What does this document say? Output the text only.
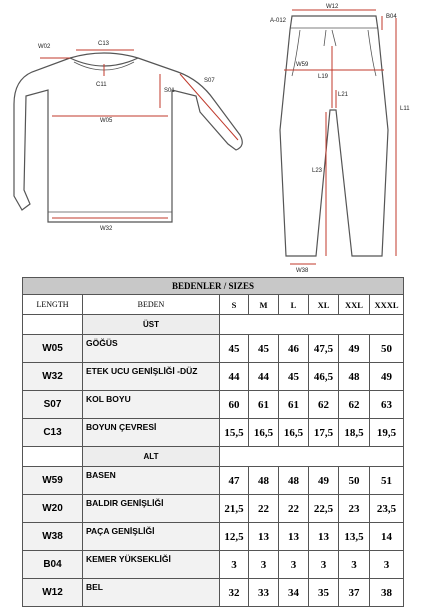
W02	C13
C11
S01
S07
W05
W32
W12
B04
A-012
W59
L19
L21
L11
L23
W38
BEDENLER / SIZES							
LENGTH	BEDEN	S	M	L	XL	XXL	XXXL
	ÜST						
W05	GÖĞÜS	45	45	46	47,5	49	50
W32	ETEK UCU GENİŞLİĞİ -DÜZ	44	44	45	46,5	48	49
S07	KOL BOYU	60	61	61	62	62	63
C13	BOYUN ÇEVRESİ	15,5	16,5	16,5	17,5	18,5	19,5
	ALT						
W59	BASEN	47	48	48	49	50	51
W20	BALDIR GENİŞLİĞİ	21,5	22	22	22,5	23	23,5
W38	PAÇA GENİŞLİĞİ	12,5	13	13	13	13,5	14
B04	KEMER YÜKSEKLİĞİ	3	3	3	3	3	3
W12	BEL	32	33	34	35	37	38
